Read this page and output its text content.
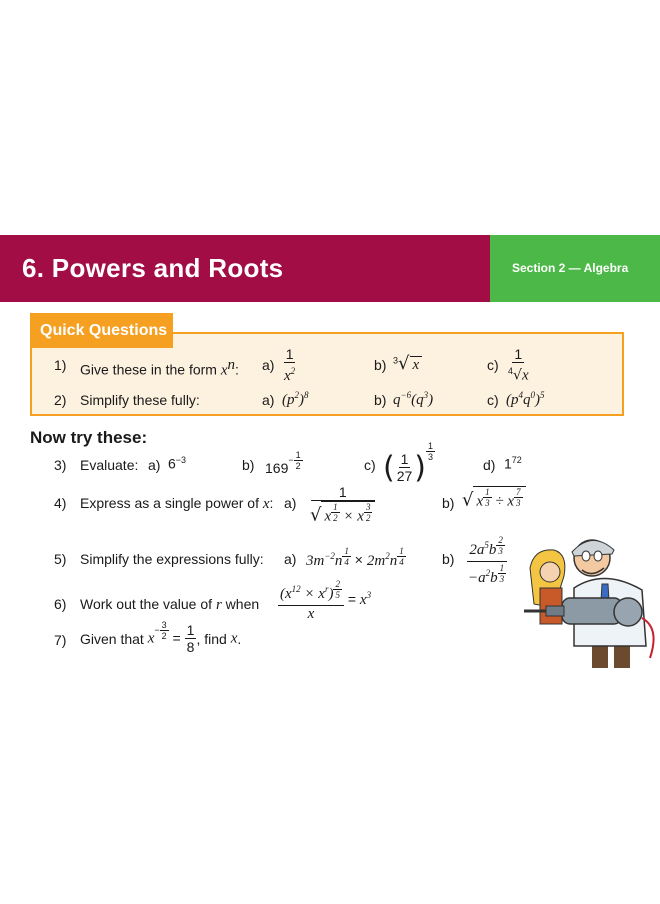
6. Powers and Roots	Section 2 — Algebra
Quick Questions
1) Give these in the form $x^n$: $a) \frac{1}{x^2}$	b) $^3$√ x	$c) \frac{1}{^4√x}$
2) Simplify these fully:	a) $(p^2)^8$	b) $q^{-6}(q^3)$	c) $(p^4q^0)^5$
Now try these:
3) Evaluate: a) $6^{-3}$	b) $169- \frac{1}{2}$	c) ( $\frac{1}{27}$ ) $\frac{1}{3}$
d) $1^{72}$
4) Express as a single power of x: a) 1
√ x $^{\frac{1}{2}}$ × x $^{\frac{3}{2}}$	b) √ x $^{\frac{1}{3}}$ ÷ x $^{\frac{7}{3}}$
5) Simplify the expressions fully: a) $3m^{-2}n$ $^{\frac{1}{4}} \times 2m^2n$ $^{\frac{1}{4}}$	b) $2a^5b$ $^{\frac{2}{3}}$
$-a^2b$ $^{\frac{1}{3}}$
6) Work out the value of r when $(x^{12} \times x^r)$ $^{\frac{2}{5}}$
$x = x^3$
7) Given that $x- \frac{3}{2} = \frac{1}{8}$ , find x.
